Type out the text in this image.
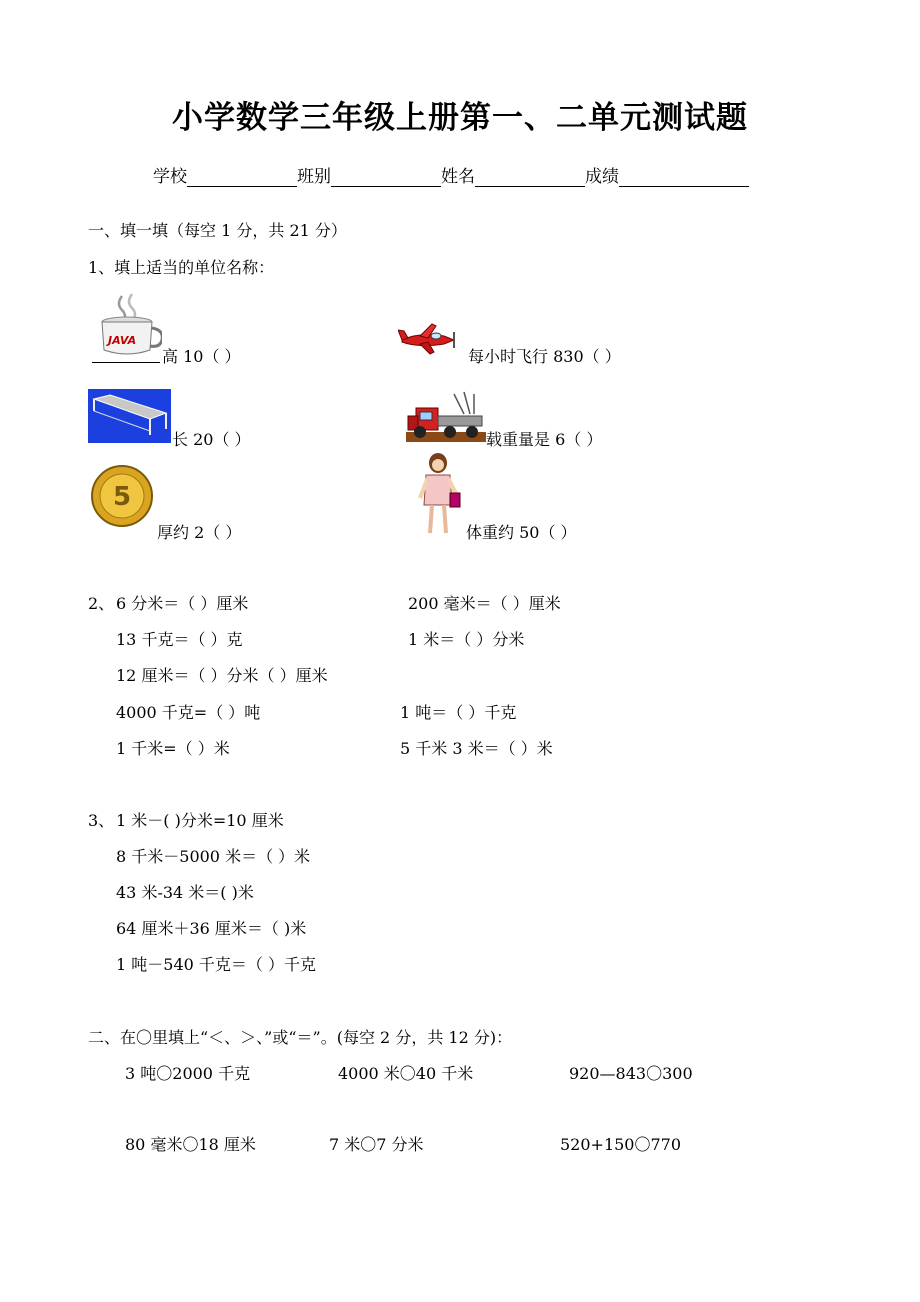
小学数学三年级上册第一、二单元测试题
学校	班别	姓名	成绩
一、填一填（每空 1 分，共 21 分）
1、填上适当的单位名称：
JAVA
高 10（ ）	每小时飞行 830（ ）
长 20（ ）	载重量是 6（ ）
5
厚约 2（ ）	体重约 50（ ）
2、 6 分米＝（ ）厘米	200 毫米＝（ ）厘米
13 千克＝（ ）克	1 米＝（ ）分米
12 厘米＝（ ）分米（ ）厘米
4000 千克=（ ）吨	1 吨＝（ ）千克
1 千米=（ ）米	5 千米 3 米＝（ ）米
3、 1 米－( )分米=10 厘米
8 千米－5000 米＝（ ）米
43 米-34 米＝( )米
64 厘米＋36 厘米＝（ )米
1 吨－540 千克＝（ ）千克
二、在〇里填上“＜、＞、”或“＝”。(每空 2 分，共 12 分)：
3 吨〇2000 千克	4000 米〇40 千米	920—843〇300
80 毫米〇18 厘米	7 米〇7 分米	520+150〇770
